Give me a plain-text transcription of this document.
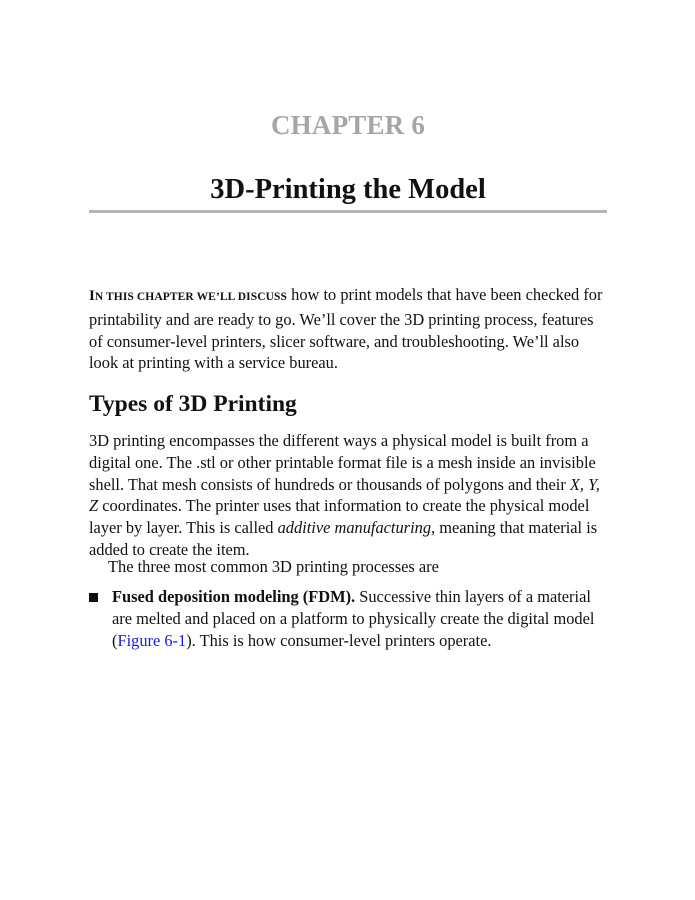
CHAPTER 6
3D-Printing the Model

IN THIS CHAPTER WE’LL DISCUSS how to print models that have been checked for printability and are ready to go. We’ll cover the 3D printing process, features of consumer-level printers, slicer software, and troubleshooting. We’ll also look at printing with a service bureau.

Types of 3D Printing

3D printing encompasses the different ways a physical model is built from a digital one. The .stl or other printable format file is a mesh inside an invisible shell. That mesh consists of hundreds or thousands of polygons and their X, Y, Z coordinates. The printer uses that information to create the physical model layer by layer. This is called additive manufacturing, meaning that material is added to create the item.

The three most common 3D printing processes are

Fused deposition modeling (FDM). Successive thin layers of a material are melted and placed on a platform to physically create the digital model (Figure 6-1). This is how consumer-level printers operate.
